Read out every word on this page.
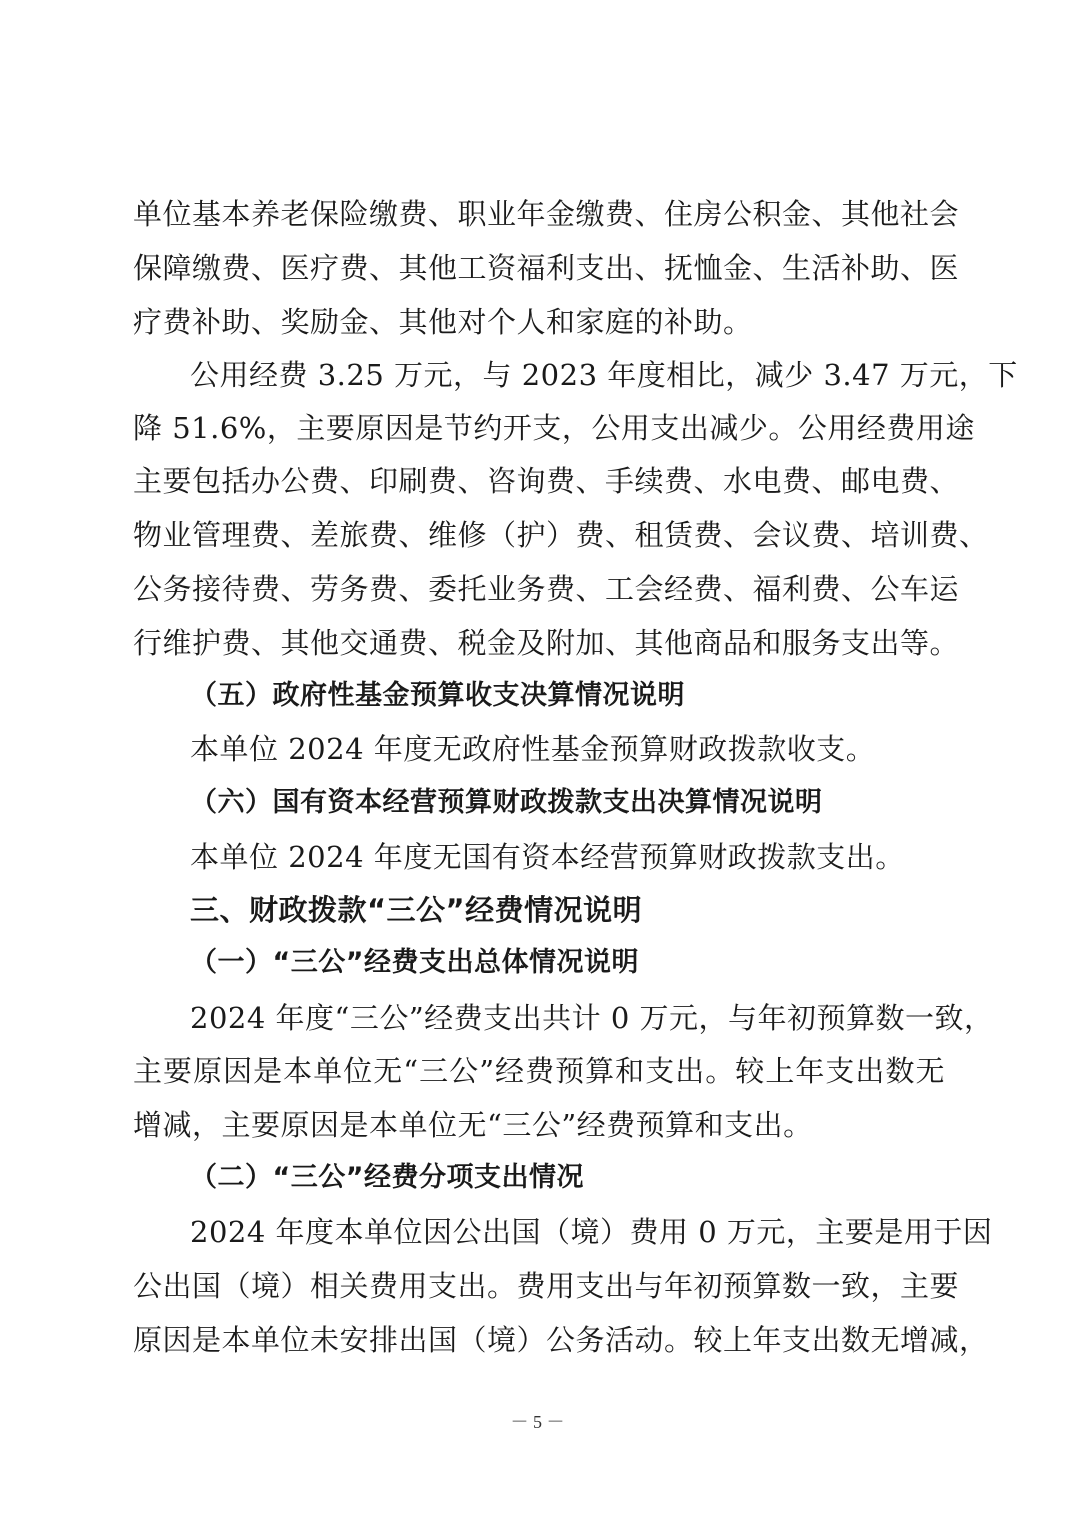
单位基本养老保险缴费、职业年金缴费、住房公积金、其他社会
保障缴费、医疗费、其他工资福利支出、抚恤金、生活补助、医
疗费补助、奖励金、其他对个人和家庭的补助。
公用经费 3.25 万元，与 2023 年度相比，减少 3.47 万元，下
降 51.6%，主要原因是节约开支，公用支出减少。公用经费用途
主要包括办公费、印刷费、咨询费、手续费、水电费、邮电费、
物业管理费、差旅费、维修（护）费、租赁费、会议费、培训费、
公务接待费、劳务费、委托业务费、工会经费、福利费、公车运
行维护费、其他交通费、税金及附加、其他商品和服务支出等。
（五）政府性基金预算收支决算情况说明
本单位 2024 年度无政府性基金预算财政拨款收支。
（六）国有资本经营预算财政拨款支出决算情况说明
本单位 2024 年度无国有资本经营预算财政拨款支出。
三、财政拨款“三公”经费情况说明
（一）“三公”经费支出总体情况说明
2024 年度“三公”经费支出共计 0 万元，与年初预算数一致，
主要原因是本单位无“三公”经费预算和支出。较上年支出数无
增减，主要原因是本单位无“三公”经费预算和支出。
（二）“三公”经费分项支出情况
2024 年度本单位因公出国（境）费用 0 万元，主要是用于因
公出国（境）相关费用支出。费用支出与年初预算数一致，主要
原因是本单位未安排出国（境）公务活动。较上年支出数无增减，
－ 5 －
